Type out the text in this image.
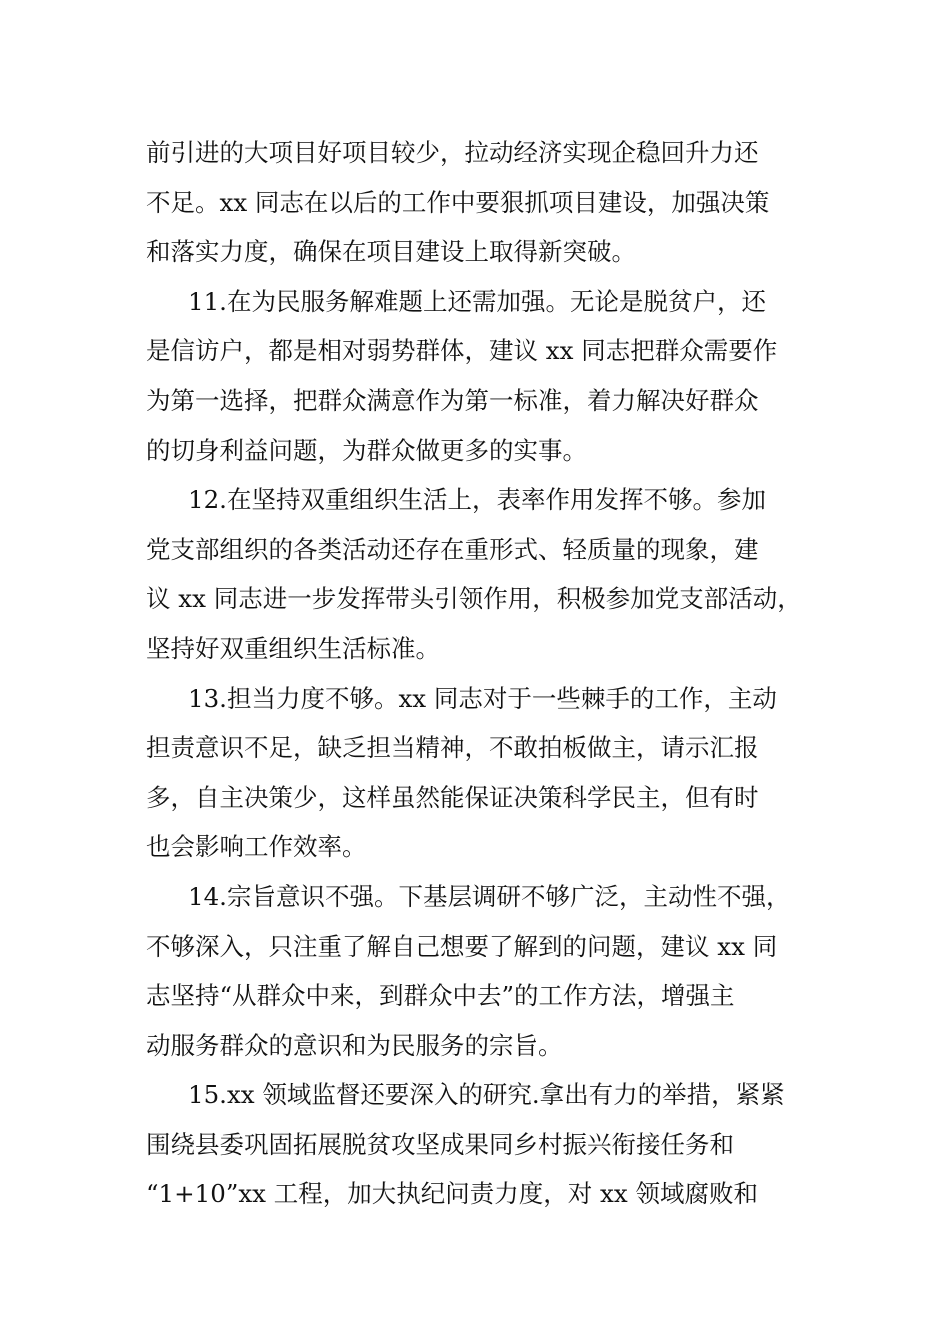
前引进的大项目好项目较少，拉动经济实现企稳回升力还
不足。xx 同志在以后的工作中要狠抓项目建设，加强决策
和落实力度，确保在项目建设上取得新突破。
11.在为民服务解难题上还需加强。无论是脱贫户，还
是信访户，都是相对弱势群体，建议 xx 同志把群众需要作
为第一选择，把群众满意作为第一标准，着力解决好群众
的切身利益问题，为群众做更多的实事。
12.在坚持双重组织生活上，表率作用发挥不够。参加
党支部组织的各类活动还存在重形式、轻质量的现象，建
议 xx 同志进一步发挥带头引领作用，积极参加党支部活动，
坚持好双重组织生活标准。
13.担当力度不够。xx 同志对于一些棘手的工作，主动
担责意识不足，缺乏担当精神，不敢拍板做主，请示汇报
多，自主决策少，这样虽然能保证决策科学民主，但有时
也会影响工作效率。
14.宗旨意识不强。下基层调研不够广泛，主动性不强，
不够深入，只注重了解自己想要了解到的问题，建议 xx 同
志坚持“从群众中来，到群众中去”的工作方法，增强主
动服务群众的意识和为民服务的宗旨。
15.xx 领域监督还要深入的研究.拿出有力的举措，紧紧
围绕县委巩固拓展脱贫攻坚成果同乡村振兴衔接任务和
“1+10”xx 工程，加大执纪问责力度，对 xx 领域腐败和
